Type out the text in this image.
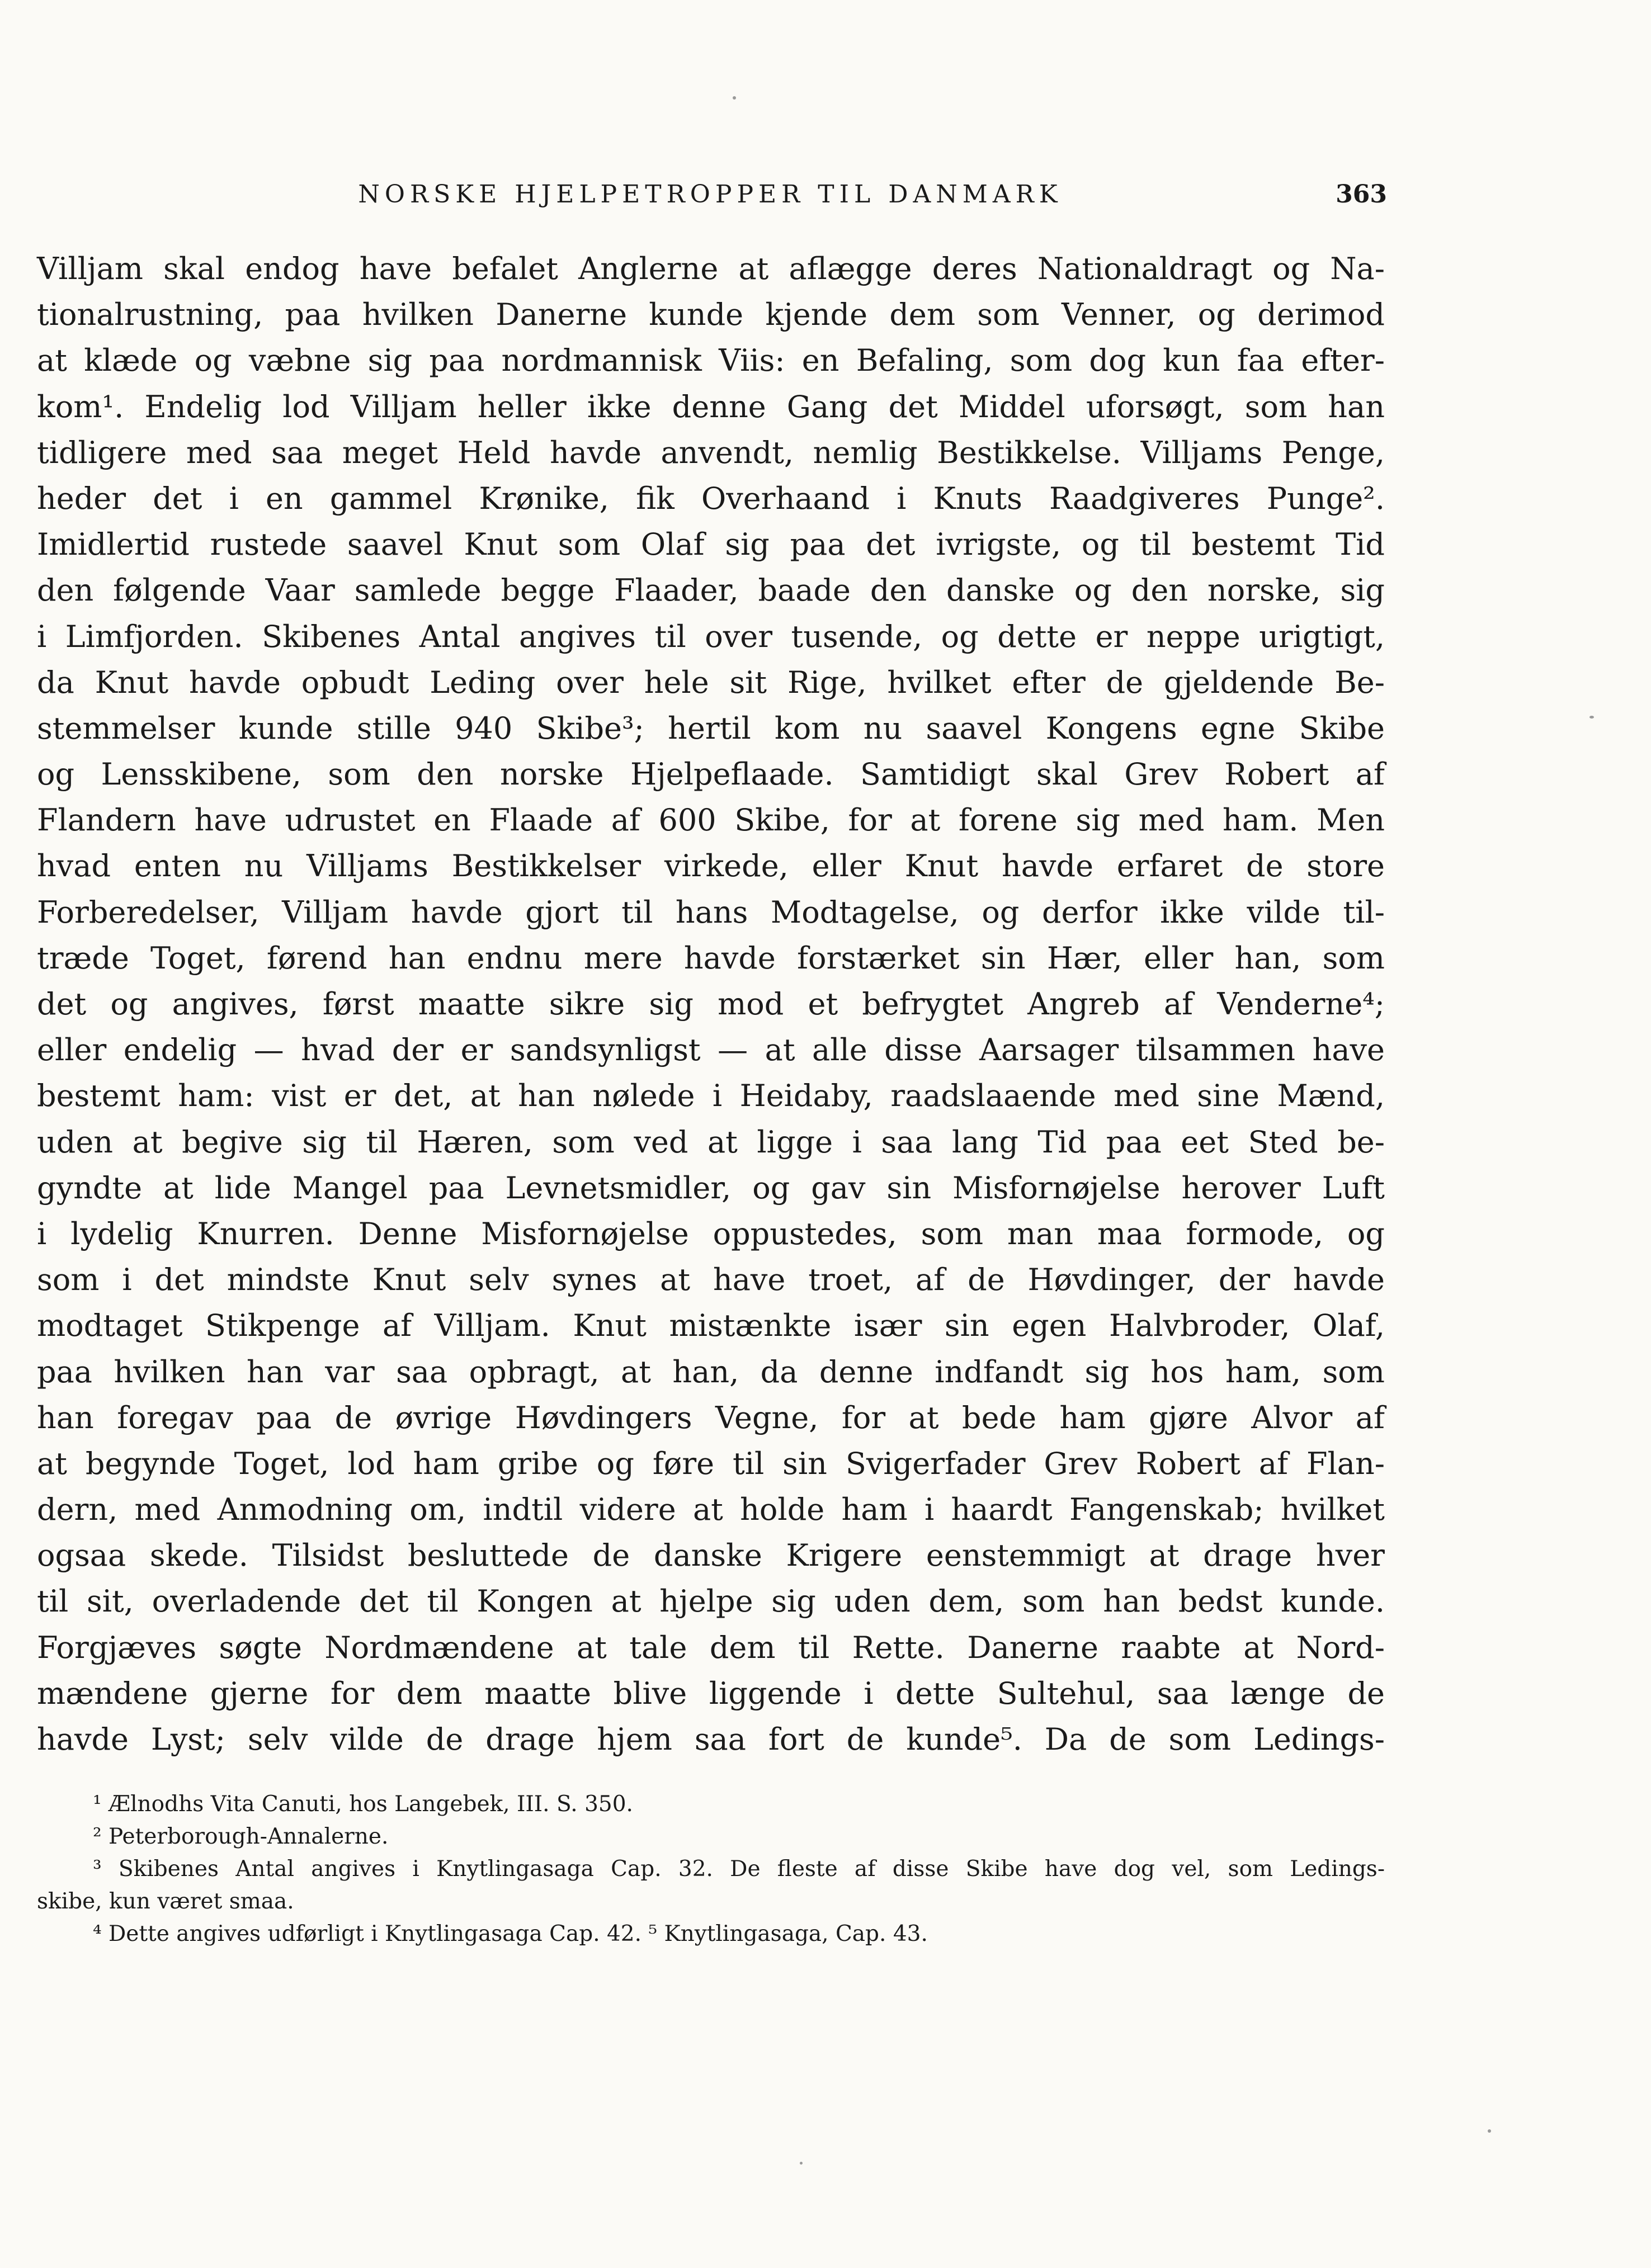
NORSKE HJELPETROPPER TIL DANMARK	363
Villjam skal endog have befalet Anglerne at aflægge deres Nationaldragt og Na-
tionalrustning, paa hvilken Danerne kunde kjende dem som Venner, og derimod
at klæde og væbne sig paa nordmannisk Viis: en Befaling, som dog kun faa efter-
kom¹. Endelig lod Villjam heller ikke denne Gang det Middel uforsøgt, som han
tidligere med saa meget Held havde anvendt, nemlig Bestikkelse. Villjams Penge,
heder det i en gammel Krønike, fik Overhaand i Knuts Raadgiveres Punge².
Imidlertid rustede saavel Knut som Olaf sig paa det ivrigste, og til bestemt Tid
den følgende Vaar samlede begge Flaader, baade den danske og den norske, sig
i Limfjorden. Skibenes Antal angives til over tusende, og dette er neppe urigtigt,
da Knut havde opbudt Leding over hele sit Rige, hvilket efter de gjeldende Be-
stemmelser kunde stille 940 Skibe³; hertil kom nu saavel Kongens egne Skibe
og Lensskibene, som den norske Hjelpeflaade. Samtidigt skal Grev Robert af
Flandern have udrustet en Flaade af 600 Skibe, for at forene sig med ham. Men
hvad enten nu Villjams Bestikkelser virkede, eller Knut havde erfaret de store
Forberedelser, Villjam havde gjort til hans Modtagelse, og derfor ikke vilde til-
træde Toget, førend han endnu mere havde forstærket sin Hær, eller han, som
det og angives, først maatte sikre sig mod et befrygtet Angreb af Venderne⁴;
eller endelig — hvad der er sandsynligst — at alle disse Aarsager tilsammen have
bestemt ham: vist er det, at han nølede i Heidaby, raadslaaende med sine Mænd,
uden at begive sig til Hæren, som ved at ligge i saa lang Tid paa eet Sted be-
gyndte at lide Mangel paa Levnetsmidler, og gav sin Misfornøjelse herover Luft
i lydelig Knurren. Denne Misfornøjelse oppustedes, som man maa formode, og
som i det mindste Knut selv synes at have troet, af de Høvdinger, der havde
modtaget Stikpenge af Villjam. Knut mistænkte især sin egen Halvbroder, Olaf,
paa hvilken han var saa opbragt, at han, da denne indfandt sig hos ham, som
han foregav paa de øvrige Høvdingers Vegne, for at bede ham gjøre Alvor af
at begynde Toget, lod ham gribe og føre til sin Svigerfader Grev Robert af Flan-
dern, med Anmodning om, indtil videre at holde ham i haardt Fangenskab; hvilket
ogsaa skede. Tilsidst besluttede de danske Krigere eenstemmigt at drage hver
til sit, overladende det til Kongen at hjelpe sig uden dem, som han bedst kunde.
Forgjæves søgte Nordmændene at tale dem til Rette. Danerne raabte at Nord-
mændene gjerne for dem maatte blive liggende i dette Sultehul, saa længe de
havde Lyst; selv vilde de drage hjem saa fort de kunde⁵. Da de som Ledings-
¹ Ælnodhs Vita Canuti, hos Langebek, III. S. 350.
² Peterborough-Annalerne.
³ Skibenes Antal angives i Knytlingasaga Cap. 32. De fleste af disse Skibe have dog vel, som Ledings-
skibe, kun været smaa.
⁴ Dette angives udførligt i Knytlingasaga Cap. 42. ⁵ Knytlingasaga, Cap. 43.
